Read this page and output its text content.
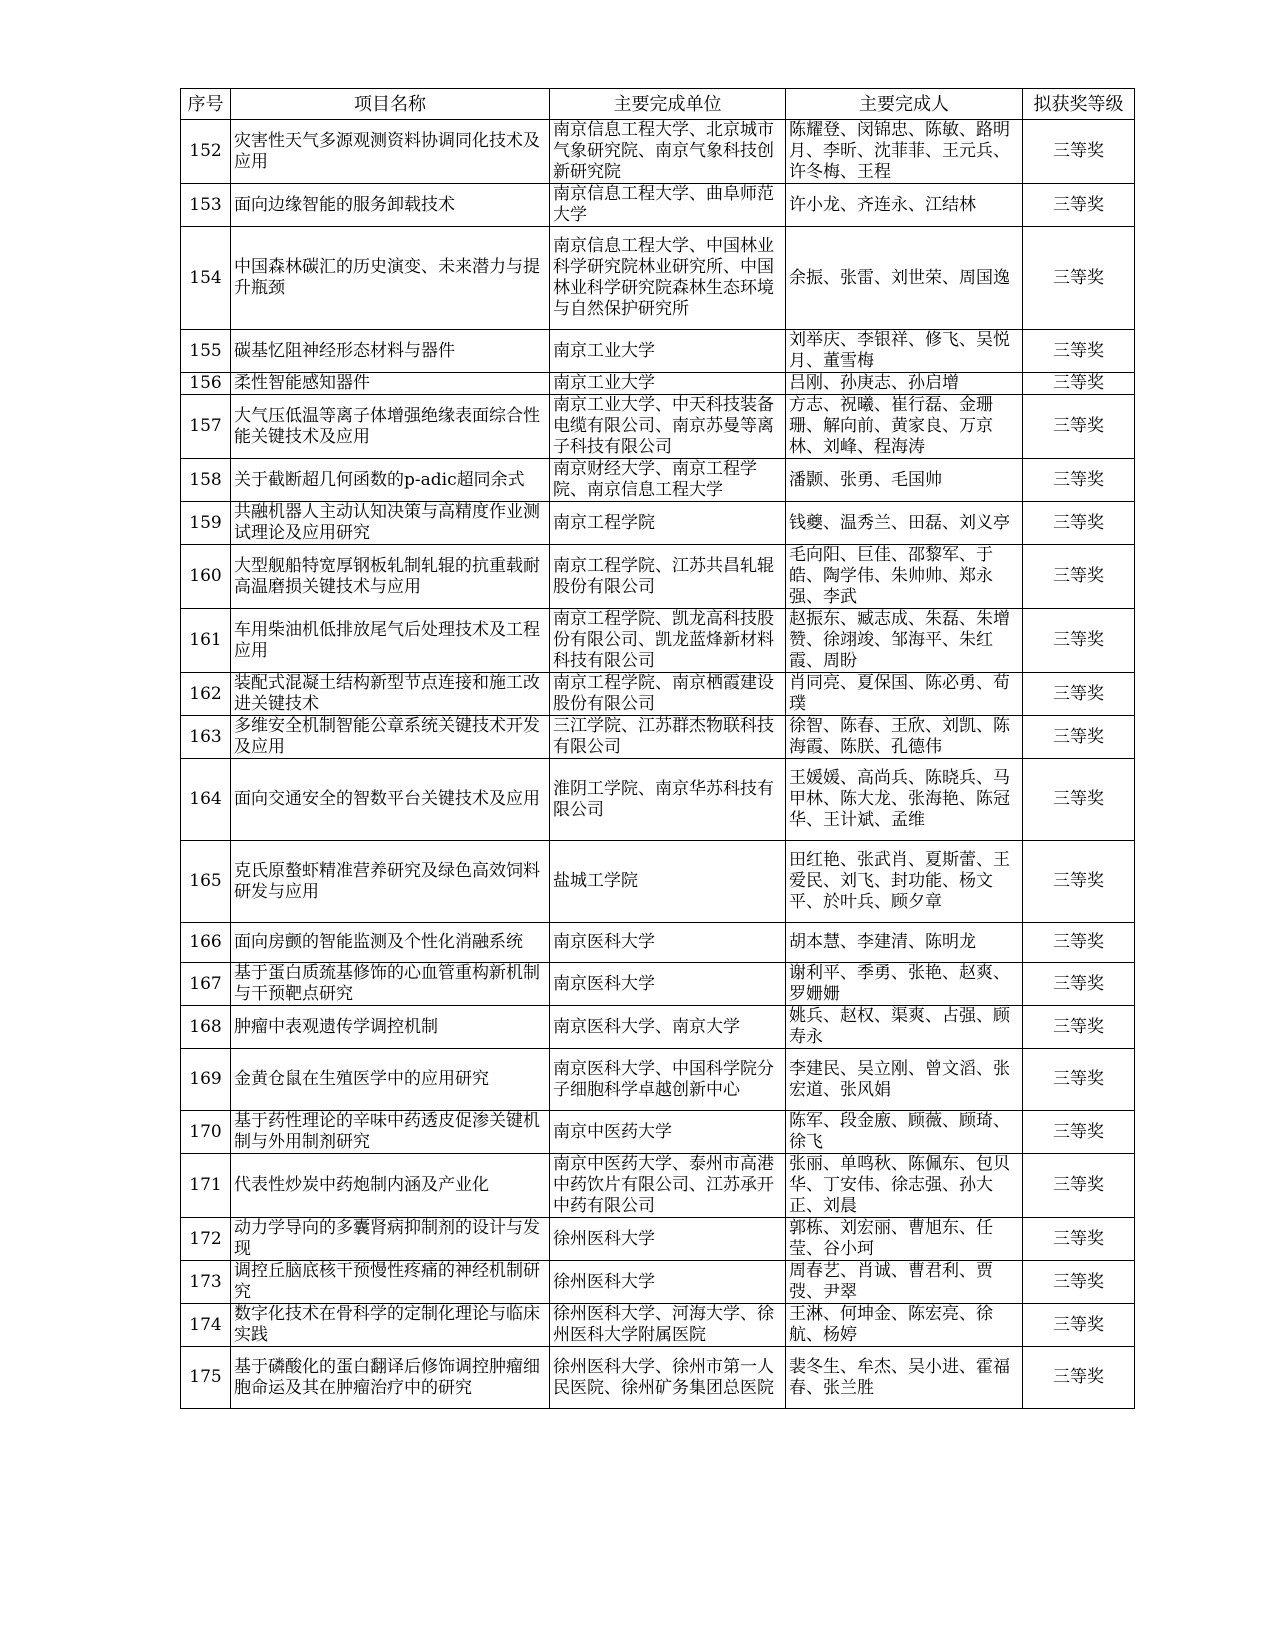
序号	项目名称	主要完成单位	主要完成人	拟获奖等级
152	灾害性天气多源观测资料协调同化技术及应用	南京信息工程大学、北京城市气象研究院、南京气象科技创新研究院	陈耀登、闵锦忠、陈敏、路明月、李昕、沈菲菲、王元兵、许冬梅、王程	三等奖
153	面向边缘智能的服务卸载技术	南京信息工程大学、曲阜师范大学	许小龙、齐连永、江结林	三等奖
154	中国森林碳汇的历史演变、未来潜力与提升瓶颈	南京信息工程大学、中国林业科学研究院林业研究所、中国林业科学研究院森林生态环境与自然保护研究所	余振、张雷、刘世荣、周国逸	三等奖
155	碳基忆阻神经形态材料与器件	南京工业大学	刘举庆、李银祥、修飞、吴悦月、董雪梅	三等奖
156	柔性智能感知器件	南京工业大学	吕刚、孙庚志、孙启增	三等奖
157	大气压低温等离子体增强绝缘表面综合性能关键技术及应用	南京工业大学、中天科技装备电缆有限公司、南京苏曼等离子科技有限公司	方志、祝曦、崔行磊、金珊珊、解向前、黄家良、万京林、刘峰、程海涛	三等奖
158	关于截断超几何函数的p-adic超同余式	南京财经大学、南京工程学院、南京信息工程大学	潘颢、张勇、毛国帅	三等奖
159	共融机器人主动认知决策与高精度作业测试理论及应用研究	南京工程学院	钱夔、温秀兰、田磊、刘义亭	三等奖
160	大型舰船特宽厚钢板轧制轧辊的抗重载耐高温磨损关键技术与应用	南京工程学院、江苏共昌轧辊股份有限公司	毛向阳、巨佳、邵黎军、于皓、陶学伟、朱帅帅、郑永强、李武	三等奖
161	车用柴油机低排放尾气后处理技术及工程应用	南京工程学院、凯龙高科技股份有限公司、凯龙蓝烽新材料科技有限公司	赵振东、臧志成、朱磊、朱增赞、徐翊竣、邹海平、朱红霞、周盼	三等奖
162	装配式混凝土结构新型节点连接和施工改进关键技术	南京工程学院、南京栖霞建设股份有限公司	肖同亮、夏保国、陈必勇、荀璞	三等奖
163	多维安全机制智能公章系统关键技术开发及应用	三江学院、江苏群杰物联科技有限公司	徐智、陈春、王欣、刘凯、陈海霞、陈朕、孔德伟	三等奖
164	面向交通安全的智数平台关键技术及应用	淮阴工学院、南京华苏科技有限公司	王媛媛、高尚兵、陈晓兵、马甲林、陈大龙、张海艳、陈冠华、王计斌、孟维	三等奖
165	克氏原螯虾精准营养研究及绿色高效饲料研发与应用	盐城工学院	田红艳、张武肖、夏斯蕾、王爱民、刘飞、封功能、杨文平、於叶兵、顾夕章	三等奖
166	面向房颤的智能监测及个性化消融系统	南京医科大学	胡本慧、李建清、陈明龙	三等奖
167	基于蛋白质巯基修饰的心血管重构新机制与干预靶点研究	南京医科大学	谢利平、季勇、张艳、赵爽、罗姗姗	三等奖
168	肿瘤中表观遗传学调控机制	南京医科大学、南京大学	姚兵、赵权、渠爽、占强、顾寿永	三等奖
169	金黄仓鼠在生殖医学中的应用研究	南京医科大学、中国科学院分子细胞科学卓越创新中心	李建民、吴立刚、曾文滔、张宏道、张风娟	三等奖
170	基于药性理论的辛味中药透皮促渗关键机制与外用制剂研究	南京中医药大学	陈军、段金廒、顾薇、顾琦、徐飞	三等奖
171	代表性炒炭中药炮制内涵及产业化	南京中医药大学、泰州市高港中药饮片有限公司、江苏承开中药有限公司	张丽、单鸣秋、陈佩东、包贝华、丁安伟、徐志强、孙大正、刘晨	三等奖
172	动力学导向的多囊肾病抑制剂的设计与发现	徐州医科大学	郭栋、刘宏丽、曹旭东、任莹、谷小珂	三等奖
173	调控丘脑底核干预慢性疼痛的神经机制研究	徐州医科大学	周春艺、肖诚、曹君利、贾弢、尹翠	三等奖
174	数字化技术在骨科学的定制化理论与临床实践	徐州医科大学、河海大学、徐州医科大学附属医院	王淋、何坤金、陈宏亮、徐航、杨婷	三等奖
175	基于磷酸化的蛋白翻译后修饰调控肿瘤细胞命运及其在肿瘤治疗中的研究	徐州医科大学、徐州市第一人民医院、徐州矿务集团总医院	裴冬生、牟杰、吴小进、霍福春、张兰胜	三等奖
